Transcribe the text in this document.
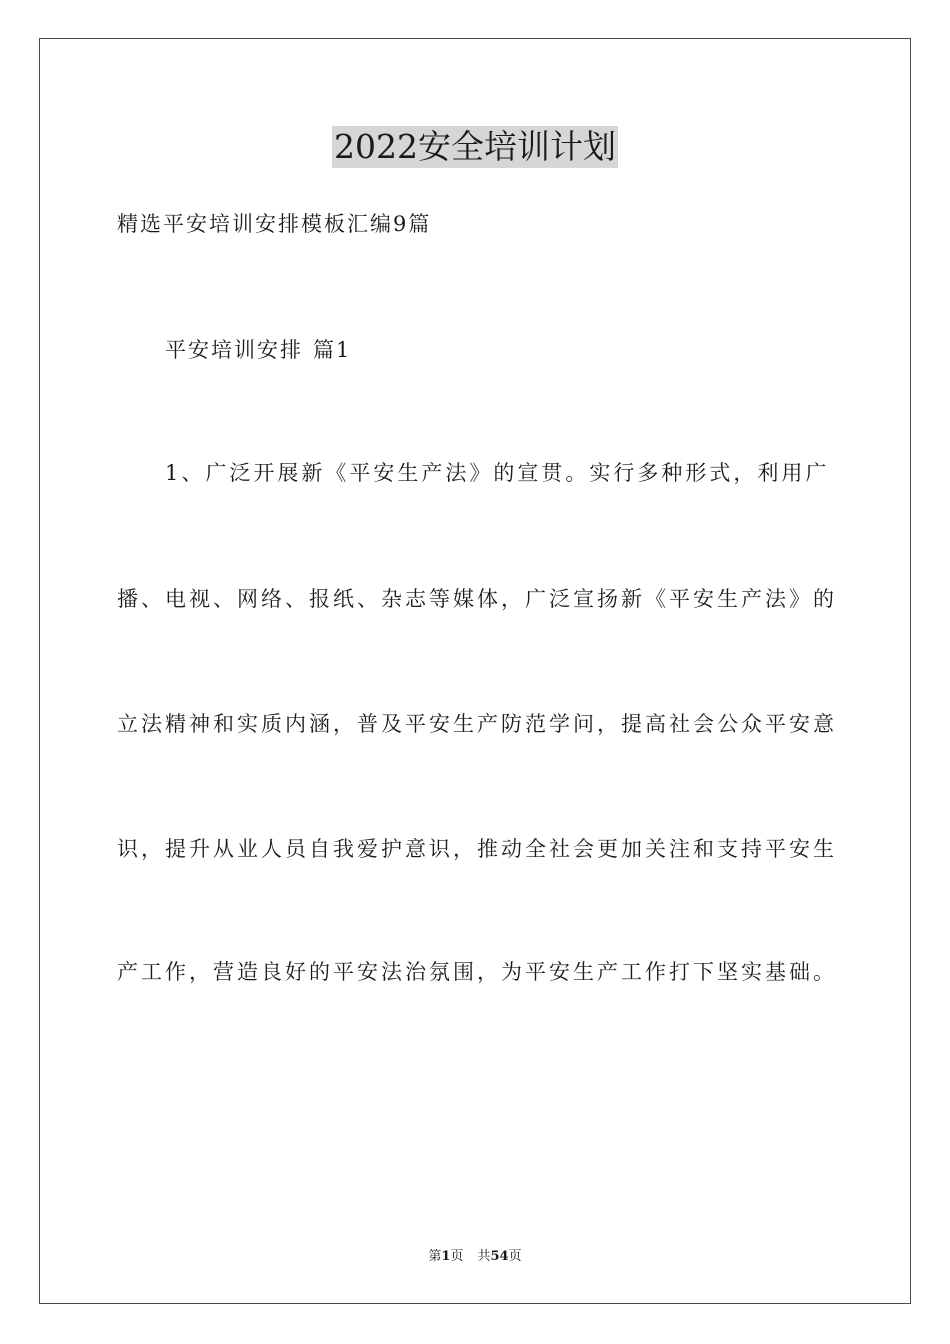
2022安全培训计划
精选平安培训安排模板汇编9篇
平安培训安排 篇1
1、广泛开展新《平安生产法》的宣贯。实行多种形式，利用广
播、电视、网络、报纸、杂志等媒体，广泛宣扬新《平安生产法》的
立法精神和实质内涵，普及平安生产防范学问，提高社会公众平安意
识，提升从业人员自我爱护意识，推动全社会更加关注和支持平安生
产工作，营造良好的平安法治氛围，为平安生产工作打下坚实基础。
第1页 共54页
